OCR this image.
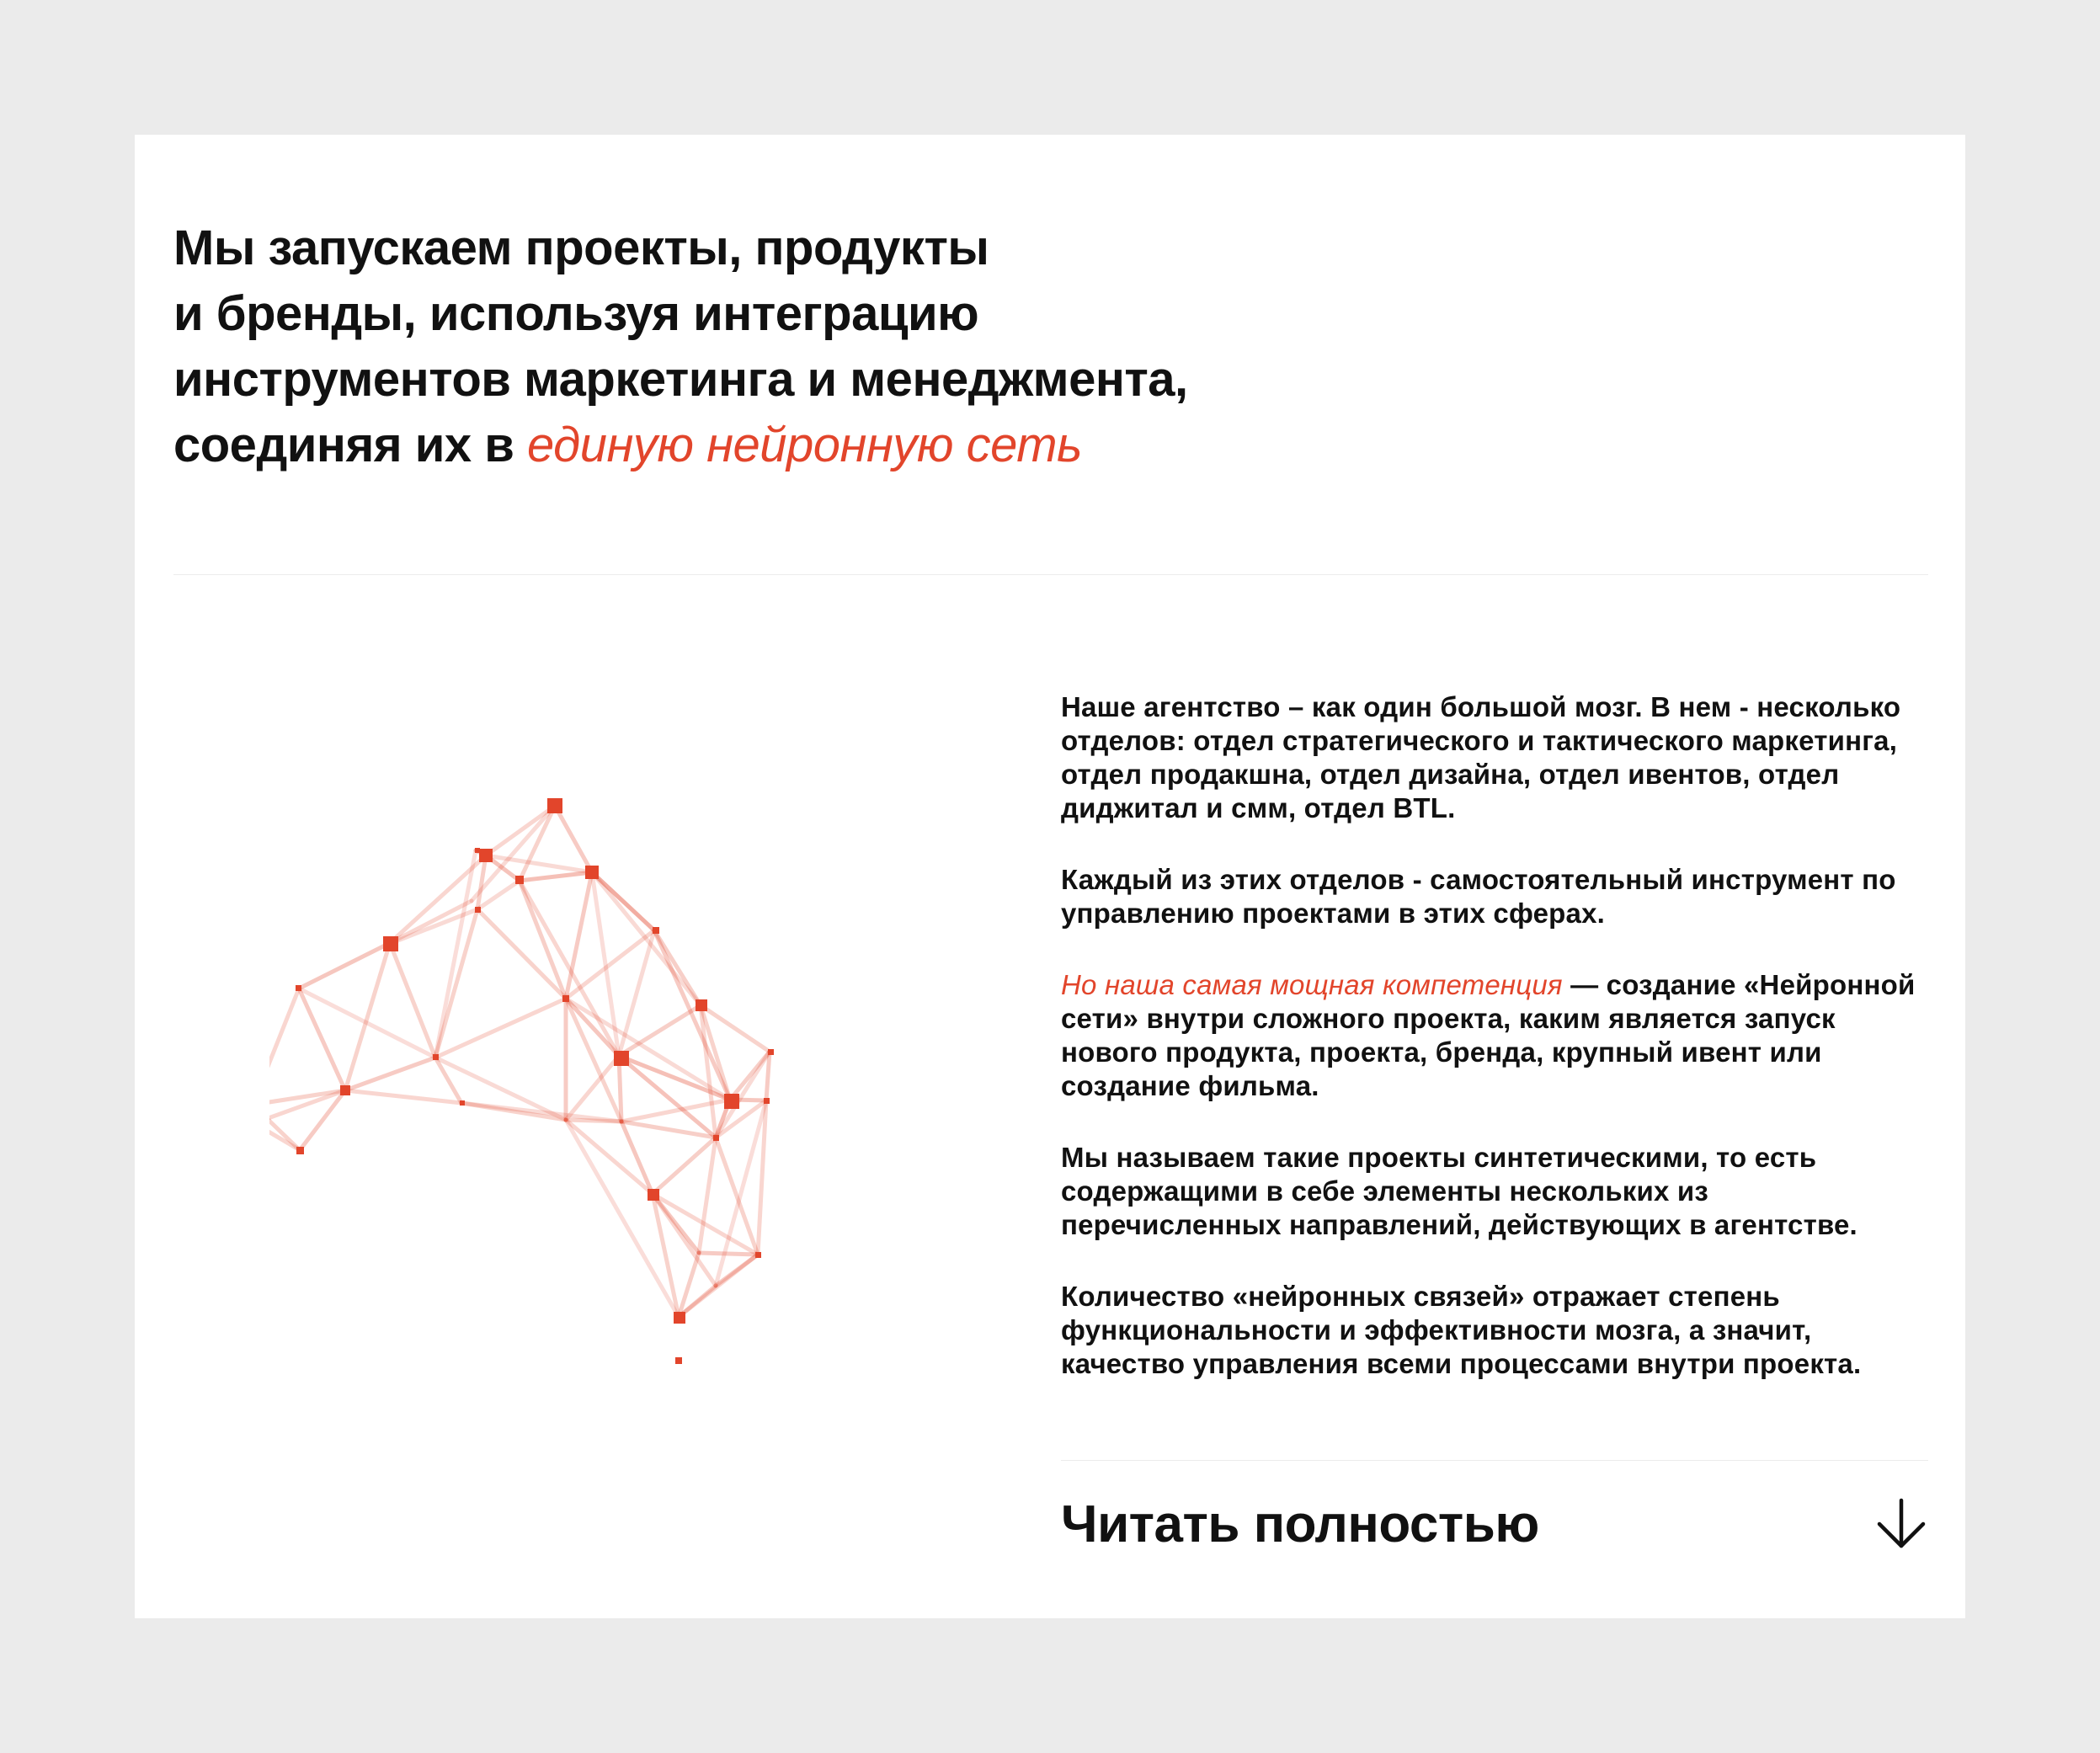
Мы запускаем проекты, продукты
и бренды, используя интеграцию
инструментов маркетинга и менеджмента,
соединяя их в единую нейронную сеть

Наше агентство – как один большой мозг. В нем - несколько отделов: отдел стратегического и тактического маркетинга, отдел продакшна, отдел дизайна, отдел ивентов, отдел диджитал и смм, отдел BTL.

Каждый из этих отделов - самостоятельный инструмент по управлению проектами в этих сферах.

Но наша самая мощная компетенция — создание «Нейронной сети» внутри сложного проекта, каким является запуск нового продукта, проекта, бренда, крупный ивент или создание фильма.

Мы называем такие проекты синтетическими, то есть содержащими в себе элементы нескольких из перечисленных направлений, действующих в агентстве.

Количество «нейронных связей» отражает степень функциональности и эффективности мозга, а значит, качество управления всеми процессами внутри проекта.

Читать полностью
